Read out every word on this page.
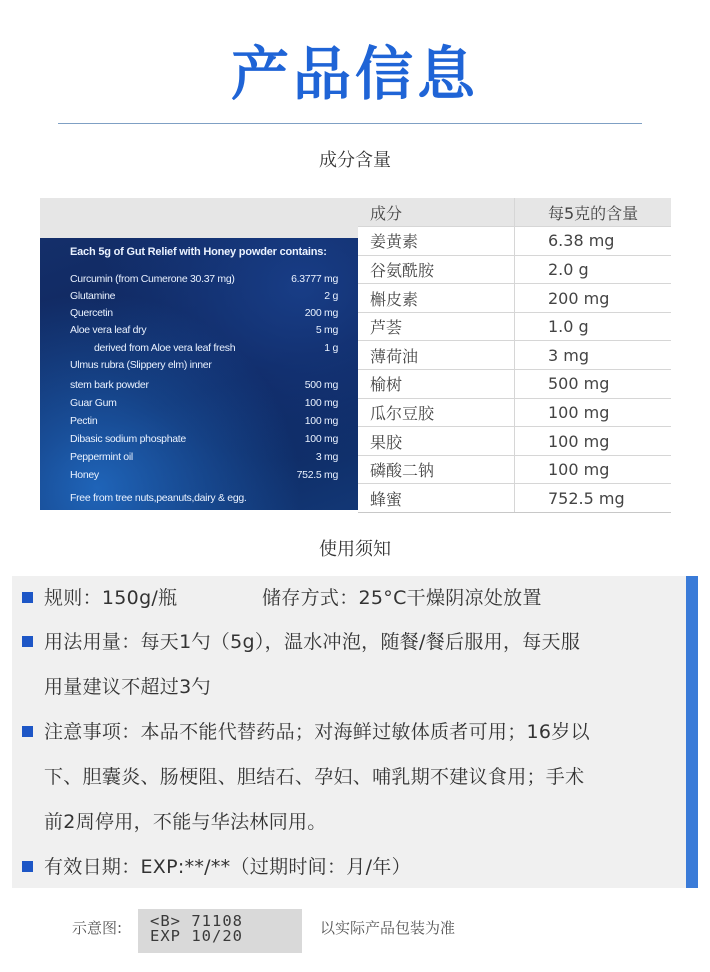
产品信息
成分含量
Each 5g of Gut Relief with Honey powder contains:
Curcumin (from Cumerone 30.37 mg)	6.3777 mg
Glutamine	2 g
Quercetin	200 mg
Aloe vera leaf dry	5 mg
derived from Aloe vera leaf fresh	1 g
Ulmus rubra (Slippery elm) inner
stem bark powder	500 mg
Guar Gum	100 mg
Pectin	100 mg
Dibasic sodium phosphate	100 mg
Peppermint oil	3 mg
Honey	752.5 mg
Free from tree nuts,peanuts,dairy & egg.
成分	每5克的含量
姜黄素	6.38 mg
谷氨酰胺	2.0 g
槲皮素	200 mg
芦荟	1.0 g
薄荷油	3 mg
榆树	500 mg
瓜尔豆胶	100 mg
果胶	100 mg
磷酸二钠	100 mg
蜂蜜	752.5 mg
使用须知
规则：150g/瓶	储存方式：25°C干燥阴凉处放置
用法用量：每天1勺（5g），温水冲泡，随餐/餐后服用，每天服
用量建议不超过3勺
注意事项：本品不能代替药品；对海鲜过敏体质者可用；16岁以
下、胆囊炎、肠梗阻、胆结石、孕妇、哺乳期不建议食用；手术
前2周停用，不能与华法林同用。
有效日期：EXP:**/**（过期时间：月/年）
示意图: <B> 71108
EXP 10/20	以实际产品包装为准
